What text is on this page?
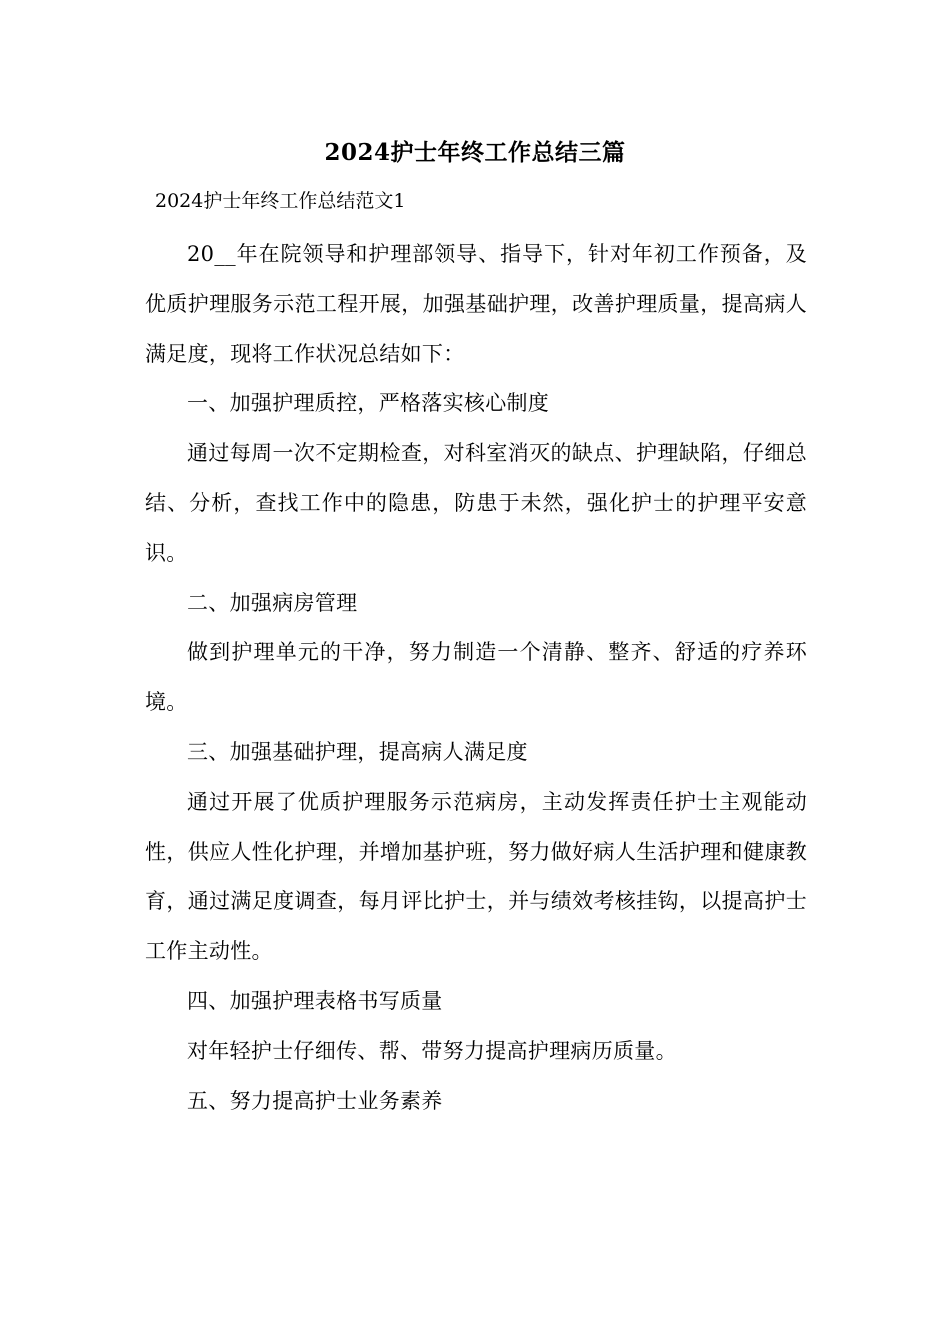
2024护士年终工作总结三篇
2024护士年终工作总结范文1

20__年在院领导和护理部领导、指导下，针对年初工作预备，及优质护理服务示范工程开展，加强基础护理，改善护理质量，提高病人满足度，现将工作状况总结如下：

一、加强护理质控，严格落实核心制度

通过每周一次不定期检查，对科室消灭的缺点、护理缺陷，仔细总结、分析，查找工作中的隐患，防患于未然，强化护士的护理平安意识。

二、加强病房管理

做到护理单元的干净，努力制造一个清静、整齐、舒适的疗养环境。

三、加强基础护理，提高病人满足度

通过开展了优质护理服务示范病房，主动发挥责任护士主观能动性，供应人性化护理，并增加基护班，努力做好病人生活护理和健康教育，通过满足度调查，每月评比护士，并与绩效考核挂钩，以提高护士工作主动性。

四、加强护理表格书写质量

对年轻护士仔细传、帮、带努力提高护理病历质量。

五、努力提高护士业务素养
